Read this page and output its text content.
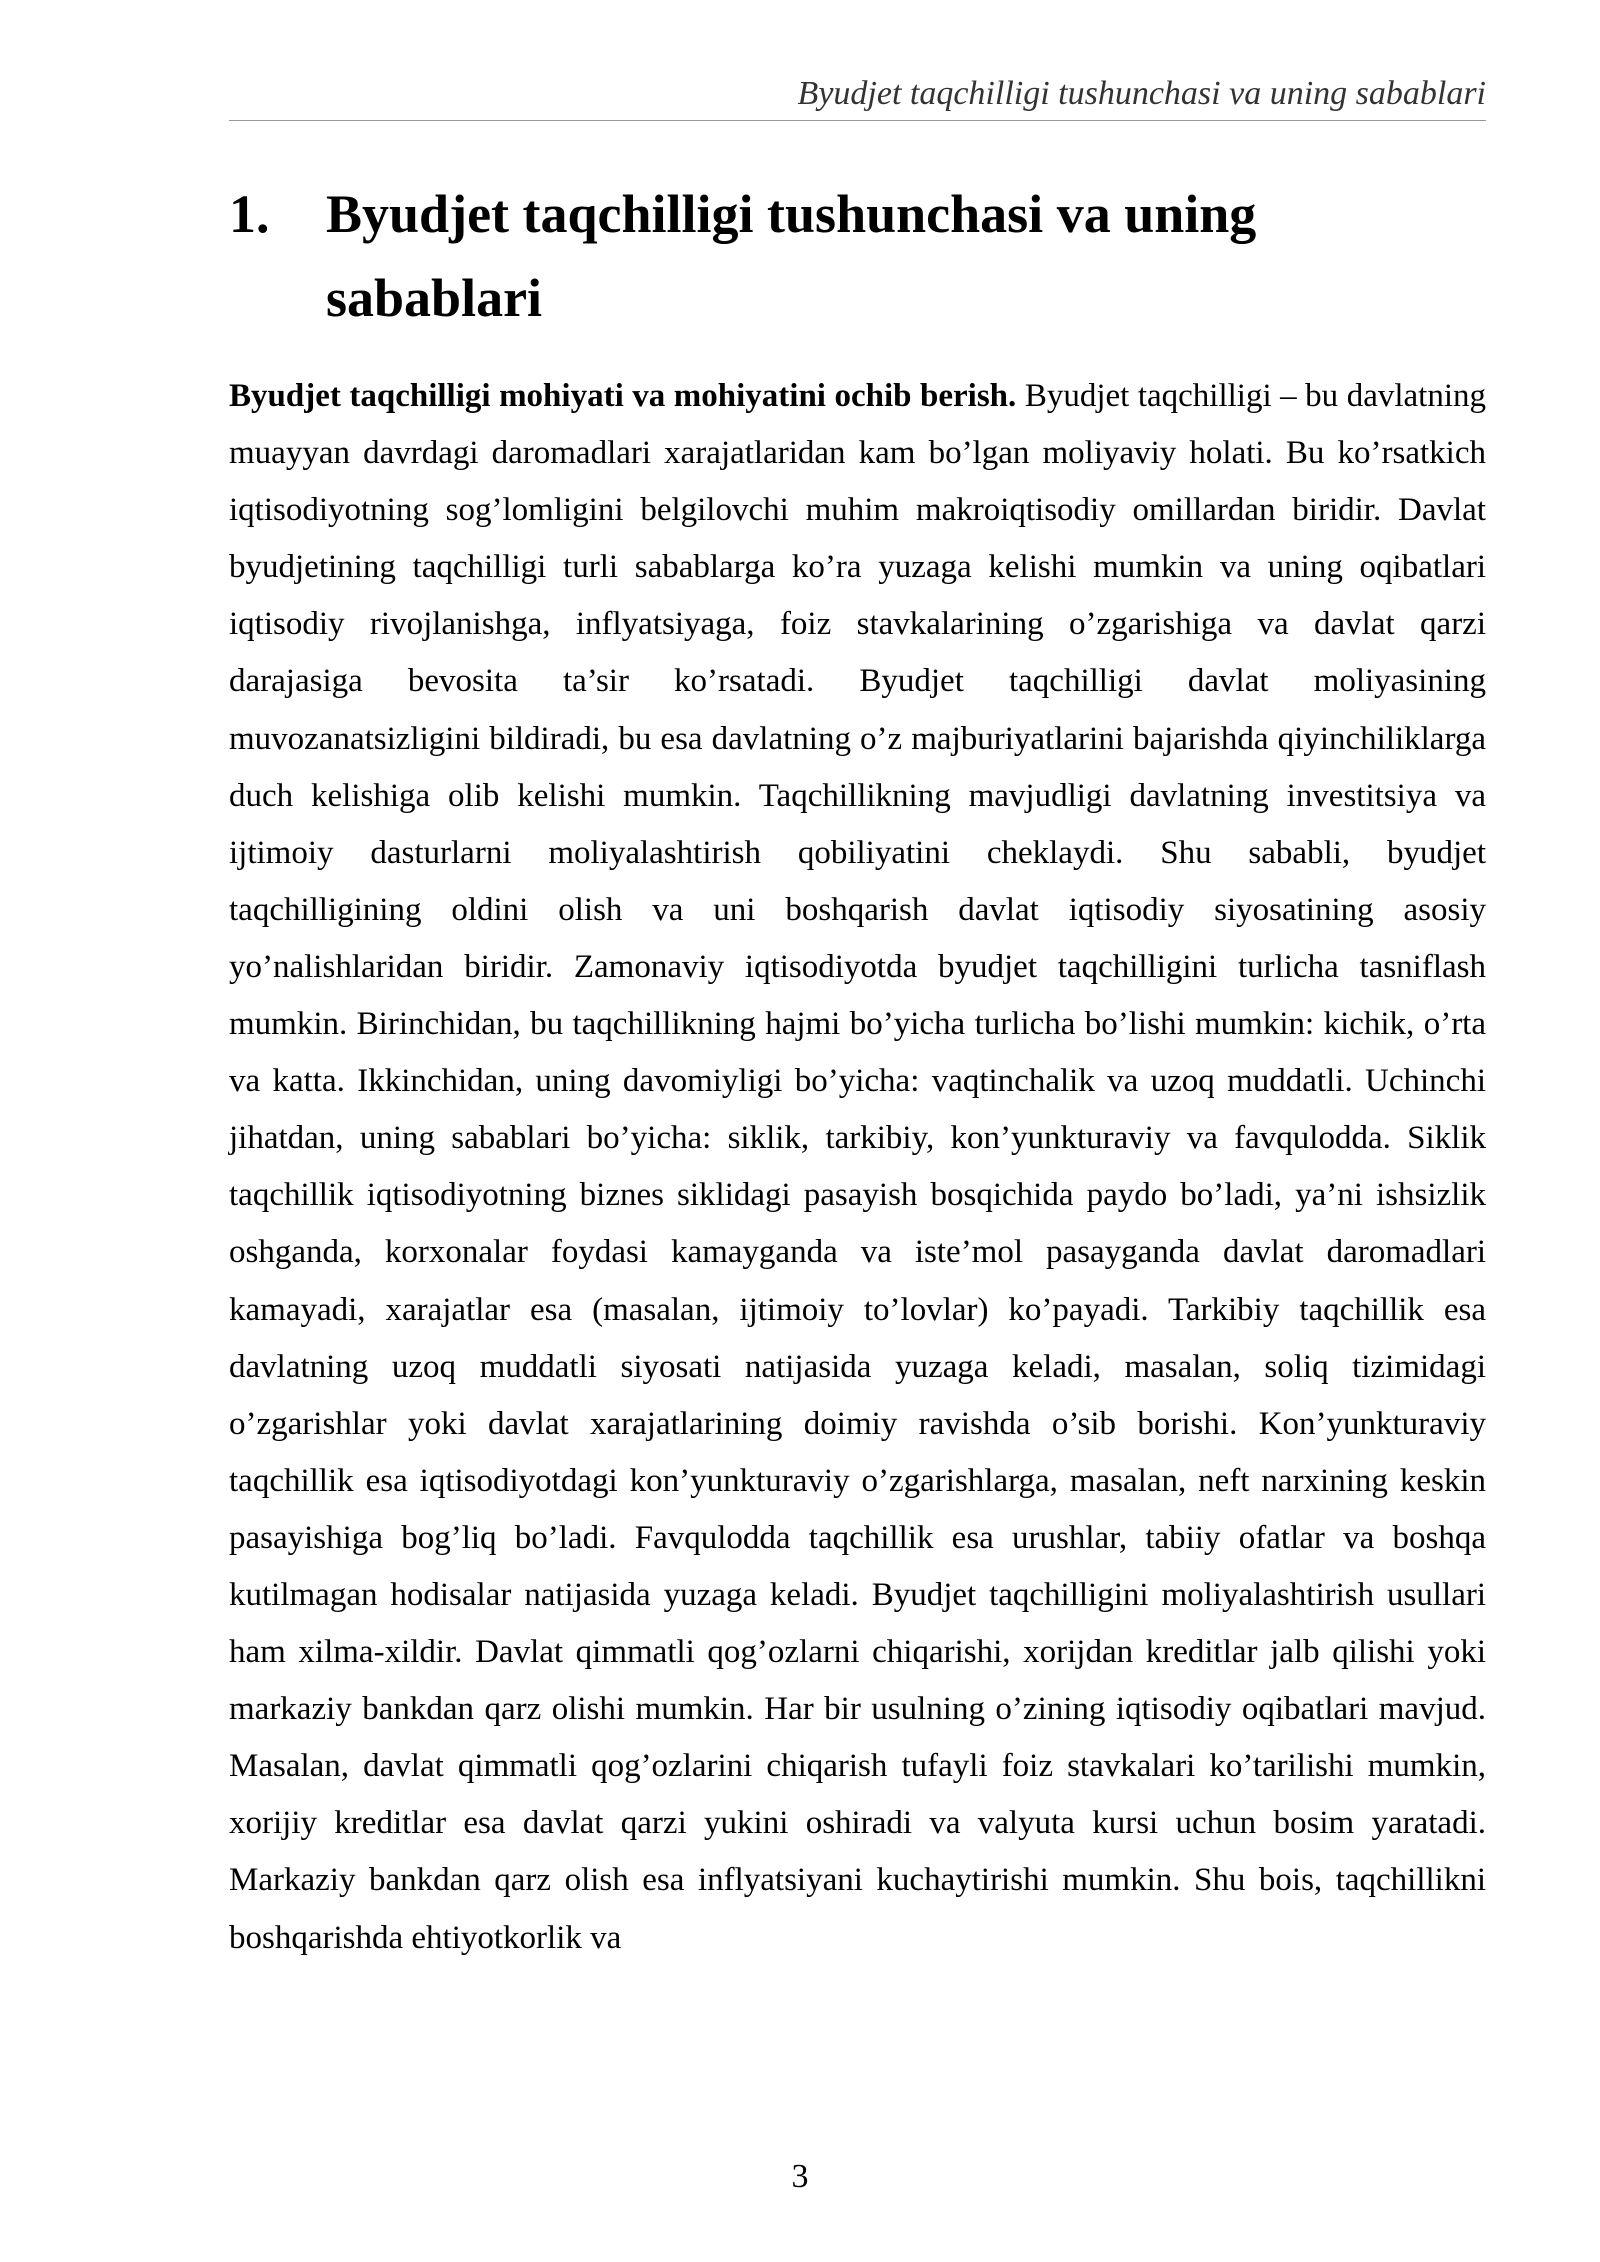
Byudjet taqchilligi tushunchasi va uning sabablari
1. Byudjet taqchilligi tushunchasi va uning sabablari

Byudjet taqchilligi mohiyati va mohiyatini ochib berish. Byudjet taqchilligi – bu davlatning muayyan davrdagi daromadlari xarajatlaridan kam bo’lgan moliyaviy holati. Bu ko’rsatkich iqtisodiyotning sog’lomligini belgilovchi muhim makroiqtisodiy omillardan biridir. Davlat byudjetining taqchilligi turli sabablarga ko’ra yuzaga kelishi mumkin va uning oqibatlari iqtisodiy rivojlanishga, inflyatsiyaga, foiz stavkalarining o’zgarishiga va davlat qarzi darajasiga bevosita ta’sir ko’rsatadi. Byudjet taqchilligi davlat moliyasining muvozanatsizligini bildiradi, bu esa davlatning o’z majburiyatlarini bajarishda qiyinchiliklarga duch kelishiga olib kelishi mumkin. Taqchillikning mavjudligi davlatning investitsiya va ijtimoiy dasturlarni moliyalashtirish qobiliyatini cheklaydi. Shu sababli, byudjet taqchilligining oldini olish va uni boshqarish davlat iqtisodiy siyosatining asosiy yo’nalishlaridan biridir. Zamonaviy iqtisodiyotda byudjet taqchilligini turlicha tasniflash mumkin. Birinchidan, bu taqchillikning hajmi bo’yicha turlicha bo’lishi mumkin: kichik, o’rta va katta. Ikkinchidan, uning davomiyligi bo’yicha: vaqtinchalik va uzoq muddatli. Uchinchi jihatdan, uning sabablari bo’yicha: siklik, tarkibiy, kon’yunkturaviy va favqulodda. Siklik taqchillik iqtisodiyotning biznes siklidagi pasayish bosqichida paydo bo’ladi, ya’ni ishsizlik oshganda, korxonalar foydasi kamayganda va iste’mol pasayganda davlat daromadlari kamayadi, xarajatlar esa (masalan, ijtimoiy to’lovlar) ko’payadi. Tarkibiy taqchillik esa davlatning uzoq muddatli siyosati natijasida yuzaga keladi, masalan, soliq tizimidagi o’zgarishlar yoki davlat xarajatlarining doimiy ravishda o’sib borishi. Kon’yunkturaviy taqchillik esa iqtisodiyotdagi kon’yunkturaviy o’zgarishlarga, masalan, neft narxining keskin pasayishiga bog’liq bo’ladi. Favqulodda taqchillik esa urushlar, tabiiy ofatlar va boshqa kutilmagan hodisalar natijasida yuzaga keladi. Byudjet taqchilligini moliyalashtirish usullari ham xilma-xildir. Davlat qimmatli qog’ozlarni chiqarishi, xorijdan kreditlar jalb qilishi yoki markaziy bankdan qarz olishi mumkin. Har bir usulning o’zining iqtisodiy oqibatlari mavjud. Masalan, davlat qimmatli qog’ozlarini chiqarish tufayli foiz stavkalari ko’tarilishi mumkin, xorijiy kreditlar esa davlat qarzi yukini oshiradi va valyuta kursi uchun bosim yaratadi. Markaziy bankdan qarz olish esa inflyatsiyani kuchaytirishi mumkin. Shu bois, taqchillikni boshqarishda ehtiyotkorlik va

3
